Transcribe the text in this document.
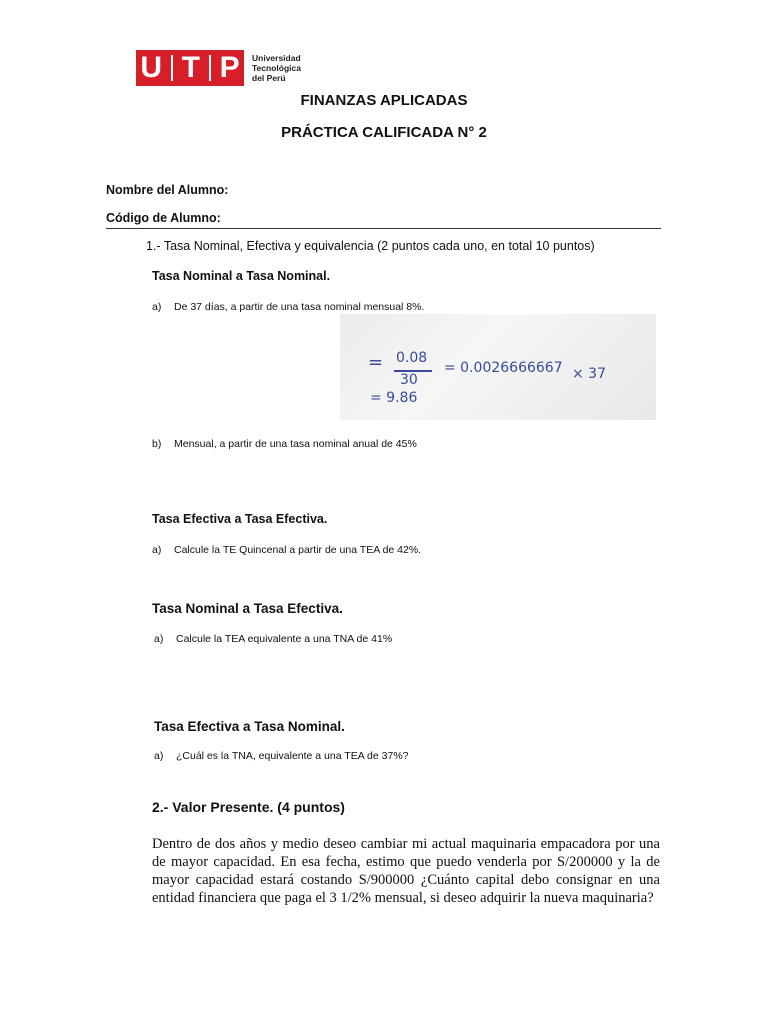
U T P Universidad
Tecnológica
del Perú
FINANZAS APLICADAS
PRÁCTICA CALIFICADA N° 2
Nombre del Alumno:
Código de Alumno:
1.- Tasa Nominal, Efectiva y equivalencia (2 puntos cada uno, en total 10 puntos)
Tasa Nominal a Tasa Nominal.
a) De 37 días, a partir de una tasa nominal mensual 8%.
= 0.08
30
= 0.0026666667 × 37
= 9.86
b) Mensual, a partir de una tasa nominal anual de 45%
Tasa Efectiva a Tasa Efectiva.
a) Calcule la TE Quincenal a partir de una TEA de 42%.
Tasa Nominal a Tasa Efectiva.
a) Calcule la TEA equivalente a una TNA de 41%
Tasa Efectiva a Tasa Nominal.
a) ¿Cuál es la TNA, equivalente a una TEA de 37%?
2.- Valor Presente. (4 puntos)
Dentro de dos años y medio deseo cambiar mi actual maquinaria empacadora por una de mayor capacidad. En esa fecha, estimo que puedo venderla por S/200000 y la de mayor capacidad estará costando S/900000 ¿Cuánto capital debo consignar en una entidad financiera que paga el 3 1/2% mensual, si deseo adquirir la nueva maquinaria?
